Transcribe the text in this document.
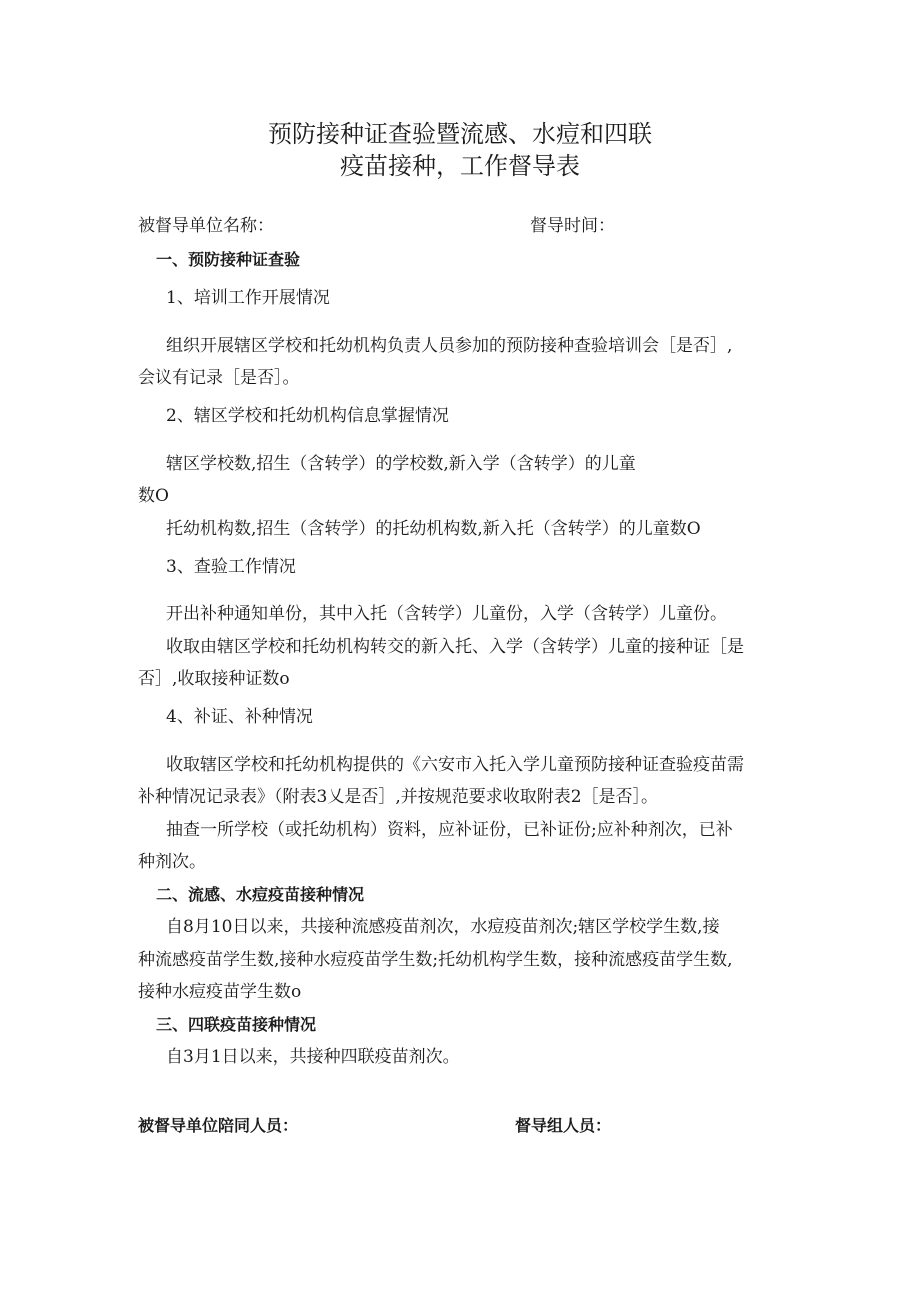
预防接种证查验暨流感、水痘和四联
疫苗接种，工作督导表
被督导单位名称：	督导时间：
一、预防接种证查验
1、培训工作开展情况
组织开展辖区学校和托幼机构负责人员参加的预防接种查验培训会［是否］,
会议有记录［是否］。
2、辖区学校和托幼机构信息掌握情况
辖区学校数,招生（含转学）的学校数,新入学（含转学）的儿童
数O
托幼机构数,招生（含转学）的托幼机构数,新入托（含转学）的儿童数O
3、查验工作情况
开出补种通知单份，其中入托（含转学）儿童份，入学（含转学）儿童份。
收取由辖区学校和托幼机构转交的新入托、入学（含转学）儿童的接种证［是
否］,收取接种证数o
4、补证、补种情况
收取辖区学校和托幼机构提供的《六安市入托入学儿童预防接种证查验疫苗需
补种情况记录表》（附表3乂是否］,并按规范要求收取附表2［是否］。
抽查一所学校（或托幼机构）资料，应补证份，已补证份;应补种剂次，已补
种剂次。
二、流感、水痘疫苗接种情况
自8月10日以来，共接种流感疫苗剂次，水痘疫苗剂次;辖区学校学生数,接
种流感疫苗学生数,接种水痘疫苗学生数;托幼机构学生数，接种流感疫苗学生数,
接种水痘疫苗学生数o
三、四联疫苗接种情况
自3月1日以来，共接种四联疫苗剂次。
被督导单位陪同人员：	督导组人员：
